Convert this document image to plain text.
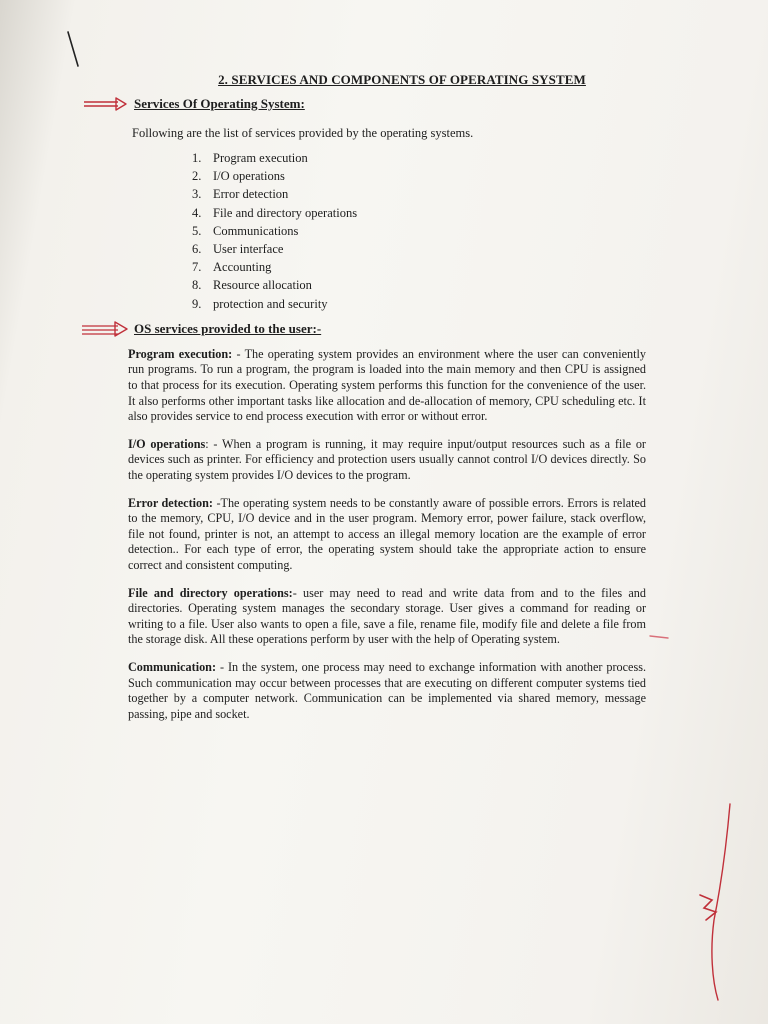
2. SERVICES AND COMPONENTS OF OPERATING SYSTEM
Services Of Operating System:

Following are the list of services provided by the operating systems.

1. Program execution
2. I/O operations
3. Error detection
4. File and directory operations
5. Communications
6. User interface
7. Accounting
8. Resource allocation
9. protection and security
OS services provided to the user:-

Program execution: - The operating system provides an environment where the user can conveniently run programs. To run a program, the program is loaded into the main memory and then CPU is assigned to that process for its execution. Operating system performs this function for the convenience of the user. It also performs other important tasks like allocation and de-allocation of memory, CPU scheduling etc. It also provides service to end process execution with error or without error.

I/O operations: - When a program is running, it may require input/output resources such as a file or devices such as printer. For efficiency and protection users usually cannot control I/O devices directly. So the operating system provides I/O devices to the program.

Error detection: -The operating system needs to be constantly aware of possible errors. Errors is related to the memory, CPU, I/O device and in the user program. Memory error, power failure, stack overflow, file not found, printer is not, an attempt to access an illegal memory location are the example of error detection.. For each type of error, the operating system should take the appropriate action to ensure correct and consistent computing.

File and directory operations:- user may need to read and write data from and to the files and directories. Operating system manages the secondary storage. User gives a command for reading or writing to a file. User also wants to open a file, save a file, rename file, modify file and delete a file from the storage disk. All these operations perform by user with the help of Operating system.

Communication: - In the system, one process may need to exchange information with another process. Such communication may occur between processes that are executing on different computer systems tied together by a computer network. Communication can be implemented via shared memory, message passing, pipe and socket.
